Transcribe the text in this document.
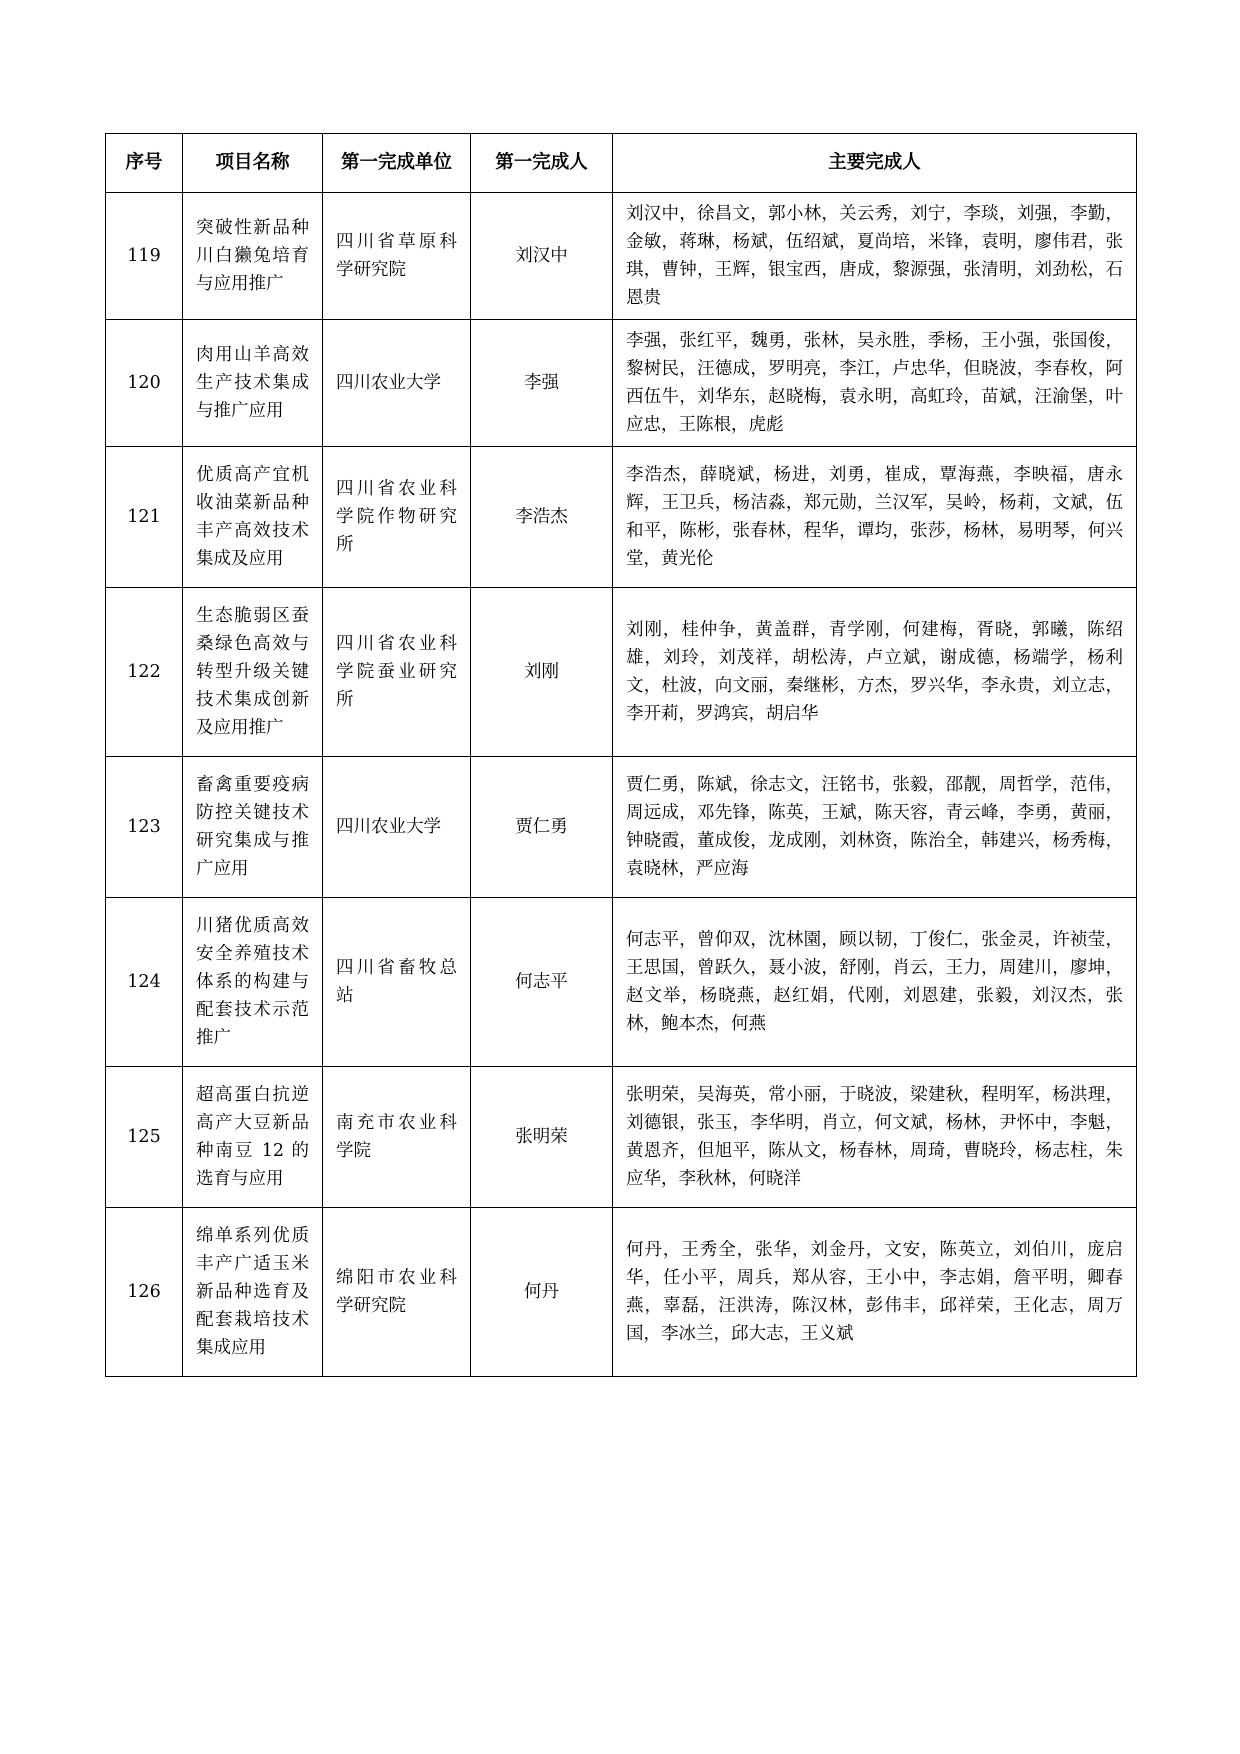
序号	项目名称	第一完成单位	第一完成人	主要完成人
119	突破性新品种川白獭兔培育与应用推广	四川省草原科学研究院	刘汉中	刘汉中，徐昌文，郭小林，关云秀，刘宁，李琰，刘强，李勤，金敏，蒋琳，杨斌，伍绍斌，夏尚培，米锋，袁明，廖伟君，张琪，曹钟，王辉，银宝西，唐成，黎源强，张清明，刘劲松，石恩贵
120	肉用山羊高效生产技术集成与推广应用	四川农业大学	李强	李强，张红平，魏勇，张林，吴永胜，季杨，王小强，张国俊，黎树民，汪德成，罗明亮，李江，卢忠华，但晓波，李春枚，阿西伍牛，刘华东，赵晓梅，袁永明，高虹玲，苗斌，汪渝堡，叶应忠，王陈根，虎彪
121	优质高产宜机收油菜新品种丰产高效技术集成及应用	四川省农业科学院作物研究所	李浩杰	李浩杰，薛晓斌，杨进，刘勇，崔成，覃海燕，李映福，唐永辉，王卫兵，杨洁淼，郑元勋，兰汉军，吴岭，杨莉，文斌，伍和平，陈彬，张春林，程华，谭均，张莎，杨林，易明琴，何兴堂，黄光伦
122	生态脆弱区蚕桑绿色高效与转型升级关键技术集成创新及应用推广	四川省农业科学院蚕业研究所	刘刚	刘刚，桂仲争，黄盖群，青学刚，何建梅，胥晓，郭曦，陈绍雄，刘玲，刘茂祥，胡松涛，卢立斌，谢成德，杨端学，杨利文，杜波，向文丽，秦继彬，方杰，罗兴华，李永贵，刘立志，李开莉，罗鸿宾，胡启华
123	畜禽重要疫病防控关键技术研究集成与推广应用	四川农业大学	贾仁勇	贾仁勇，陈斌，徐志文，汪铭书，张毅，邵靓，周哲学，范伟，周远成，邓先锋，陈英，王斌，陈天容，青云峰，李勇，黄丽，钟晓霞，董成俊，龙成刚，刘林资，陈治全，韩建兴，杨秀梅，袁晓林，严应海
124	川猪优质高效安全养殖技术体系的构建与配套技术示范推广	四川省畜牧总站	何志平	何志平，曾仰双，沈林園，顾以韧，丁俊仁，张金灵，许祯莹，王思国，曾跃久，聂小波，舒刚，肖云，王力，周建川，廖坤，赵文举，杨晓燕，赵红娟，代刚，刘恩建，张毅，刘汉杰，张林，鲍本杰，何燕
125	超高蛋白抗逆高产大豆新品种南豆 12 的选育与应用	南充市农业科学院	张明荣	张明荣，吴海英，常小丽，于晓波，梁建秋，程明军，杨洪理，刘德银，张玉，李华明，肖立，何文斌，杨林，尹怀中，李魁，黄恩齐，但旭平，陈从文，杨春林，周琦，曹晓玲，杨志柱，朱应华，李秋林，何晓洋
126	绵单系列优质丰产广适玉米新品种选育及配套栽培技术集成应用	绵阳市农业科学研究院	何丹	何丹，王秀全，张华，刘金丹，文安，陈英立，刘伯川，庞启华，任小平，周兵，郑从容，王小中，李志娟，詹平明，卿春燕，辜磊，汪洪涛，陈汉林，彭伟丰，邱祥荣，王化志，周万国，李冰兰，邱大志，王义斌
